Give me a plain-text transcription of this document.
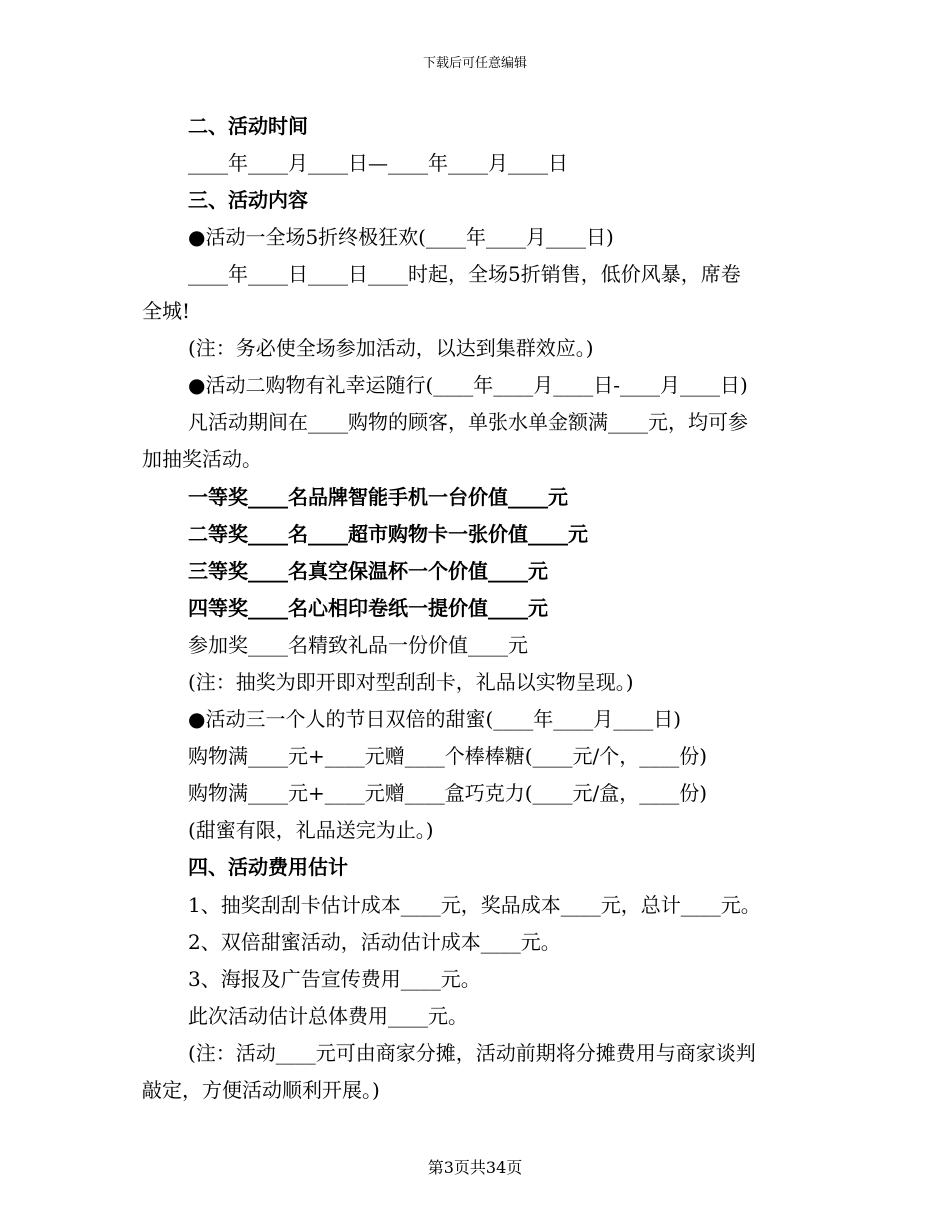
下载后可任意编辑
二、活动时间
____年____月____日—____年____月____日
三、活动内容
●活动一全场5折终极狂欢(____年____月____日)
____年____日____日____时起，全场5折销售，低价风暴，席卷
全城!
(注：务必使全场参加活动，以达到集群效应。)
●活动二购物有礼幸运随行(____年____月____日-____月____日)
凡活动期间在____购物的顾客，单张水单金额满____元，均可参
加抽奖活动。
一等奖____名品牌智能手机一台价值____元
二等奖____名____超市购物卡一张价值____元
三等奖____名真空保温杯一个价值____元
四等奖____名心相印卷纸一提价值____元
参加奖____名精致礼品一份价值____元
(注：抽奖为即开即对型刮刮卡，礼品以实物呈现。)
●活动三一个人的节日双倍的甜蜜(____年____月____日)
购物满____元+____元赠____个棒棒糖(____元/个，____份)
购物满____元+____元赠____盒巧克力(____元/盒，____份)
(甜蜜有限，礼品送完为止。)
四、活动费用估计
1、抽奖刮刮卡估计成本____元，奖品成本____元，总计____元。
2、双倍甜蜜活动，活动估计成本____元。
3、海报及广告宣传费用____元。
此次活动估计总体费用____元。
(注：活动____元可由商家分摊，活动前期将分摊费用与商家谈判
敲定，方便活动顺利开展。)
第3页共34页
